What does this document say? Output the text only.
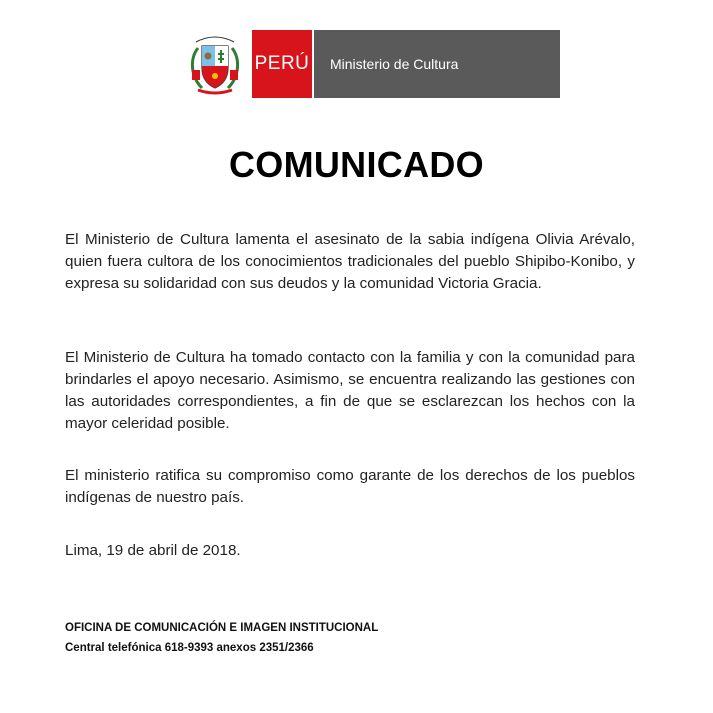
PERÚ	Ministerio de Cultura
COMUNICADO

El Ministerio de Cultura lamenta el asesinato de la sabia indígena Olivia Arévalo, quien fuera cultora de los conocimientos tradicionales del pueblo Shipibo-Konibo, y expresa su solidaridad con sus deudos y la comunidad Victoria Gracia.

El Ministerio de Cultura ha tomado contacto con la familia y con la comunidad para brindarles el apoyo necesario. Asimismo, se encuentra realizando las gestiones con las autoridades correspondientes, a fin de que se esclarezcan los hechos con la mayor celeridad posible.

El ministerio ratifica su compromiso como garante de los derechos de los pueblos indígenas de nuestro país.

Lima, 19 de abril de 2018.

OFICINA DE COMUNICACIÓN E IMAGEN INSTITUCIONAL
Central telefónica 618-9393 anexos 2351/2366
